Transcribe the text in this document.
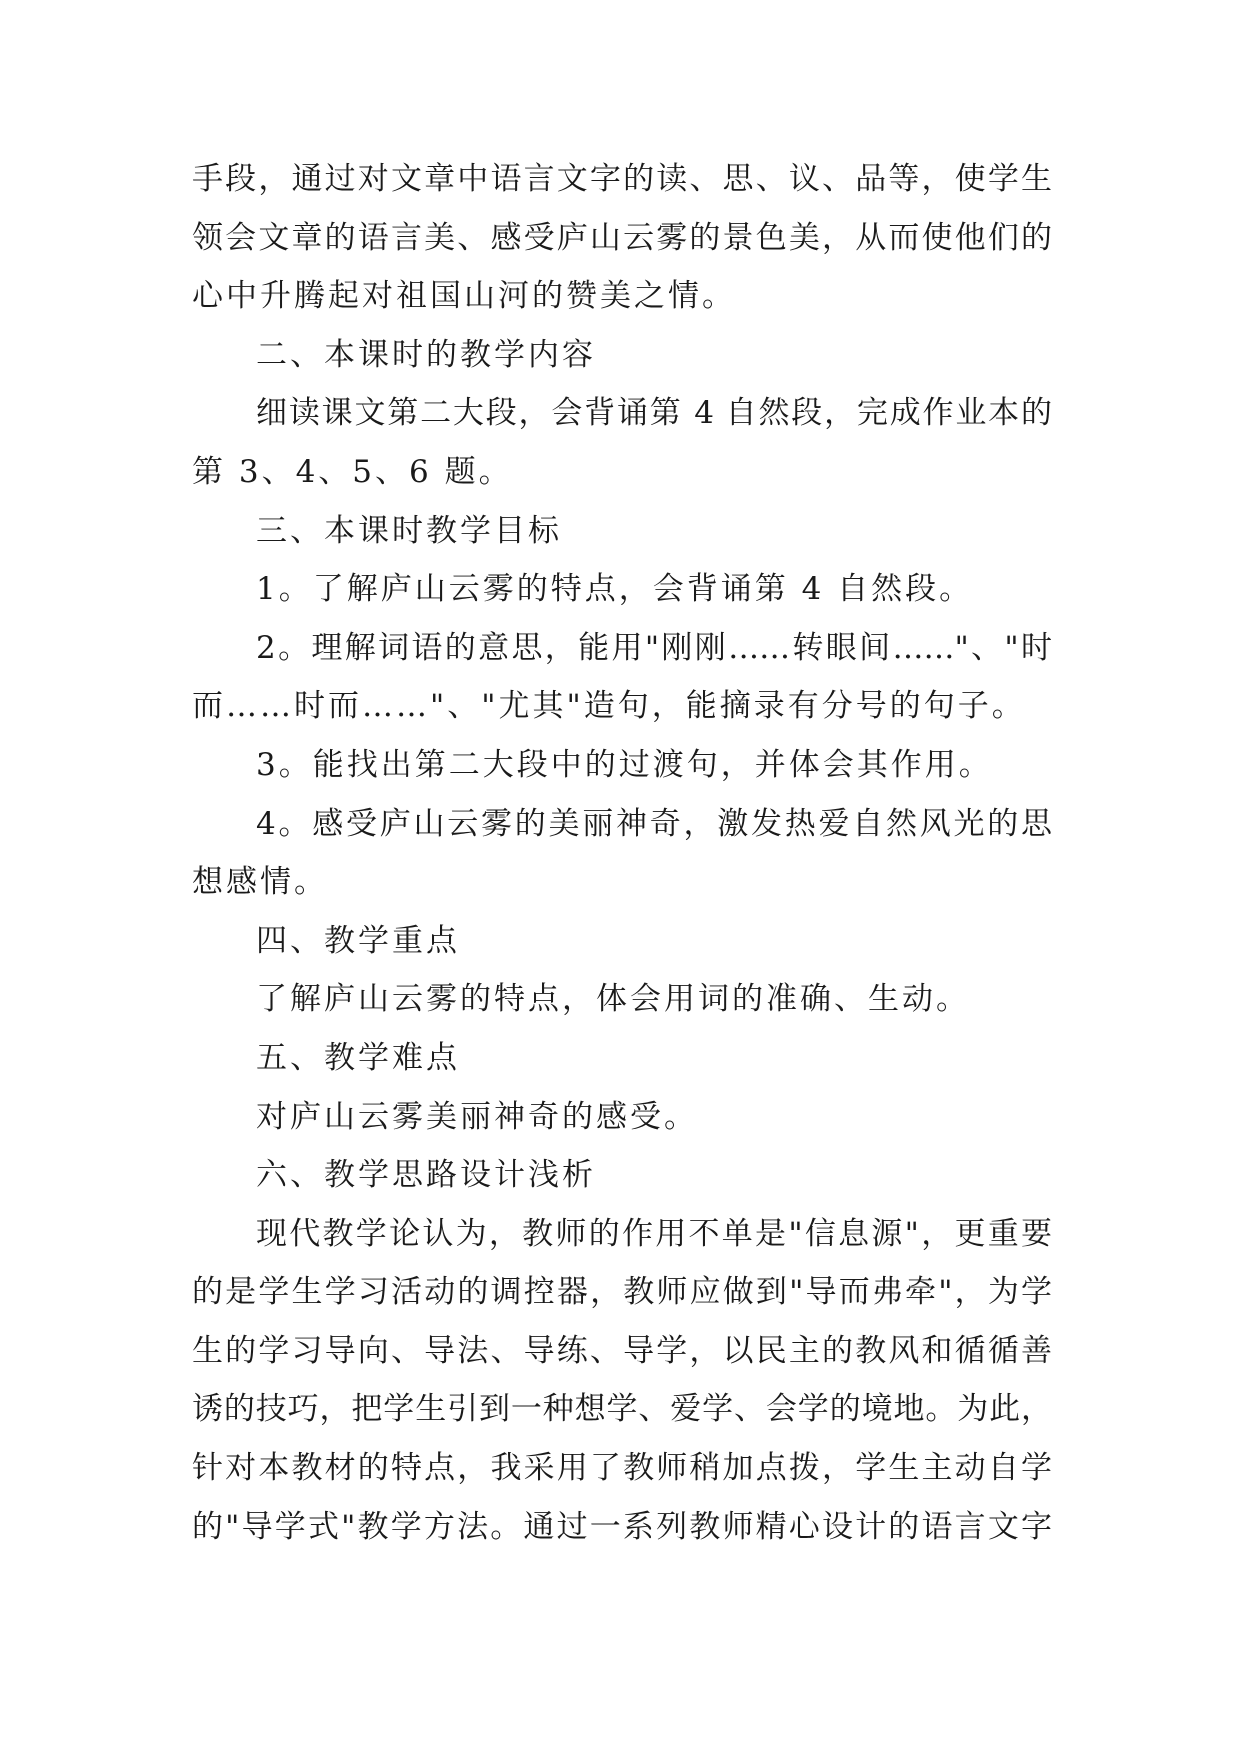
手段，通过对文章中语言文字的读、思、议、品等，使学生
领会文章的语言美、感受庐山云雾的景色美，从而使他们的
心中升腾起对祖国山河的赞美之情。
二、本课时的教学内容
细读课文第二大段，会背诵第 4 自然段，完成作业本的
第 3、4、5、6 题。
三、本课时教学目标
1。了解庐山云雾的特点，会背诵第 4 自然段。
2。理解词语的意思，能用"刚刚……转眼间……"、"时
而……时而……"、"尤其"造句，能摘录有分号的句子。
3。能找出第二大段中的过渡句，并体会其作用。
4。感受庐山云雾的美丽神奇，激发热爱自然风光的思
想感情。
四、教学重点
了解庐山云雾的特点，体会用词的准确、生动。
五、教学难点
对庐山云雾美丽神奇的感受。
六、教学思路设计浅析
现代教学论认为，教师的作用不单是"信息源"，更重要
的是学生学习活动的调控器，教师应做到"导而弗牵"，为学
生的学习导向、导法、导练、导学，以民主的教风和循循善
诱的技巧，把学生引到一种想学、爱学、会学的境地。为此，
针对本教材的特点，我采用了教师稍加点拨，学生主动自学
的"导学式"教学方法。通过一系列教师精心设计的语言文字
